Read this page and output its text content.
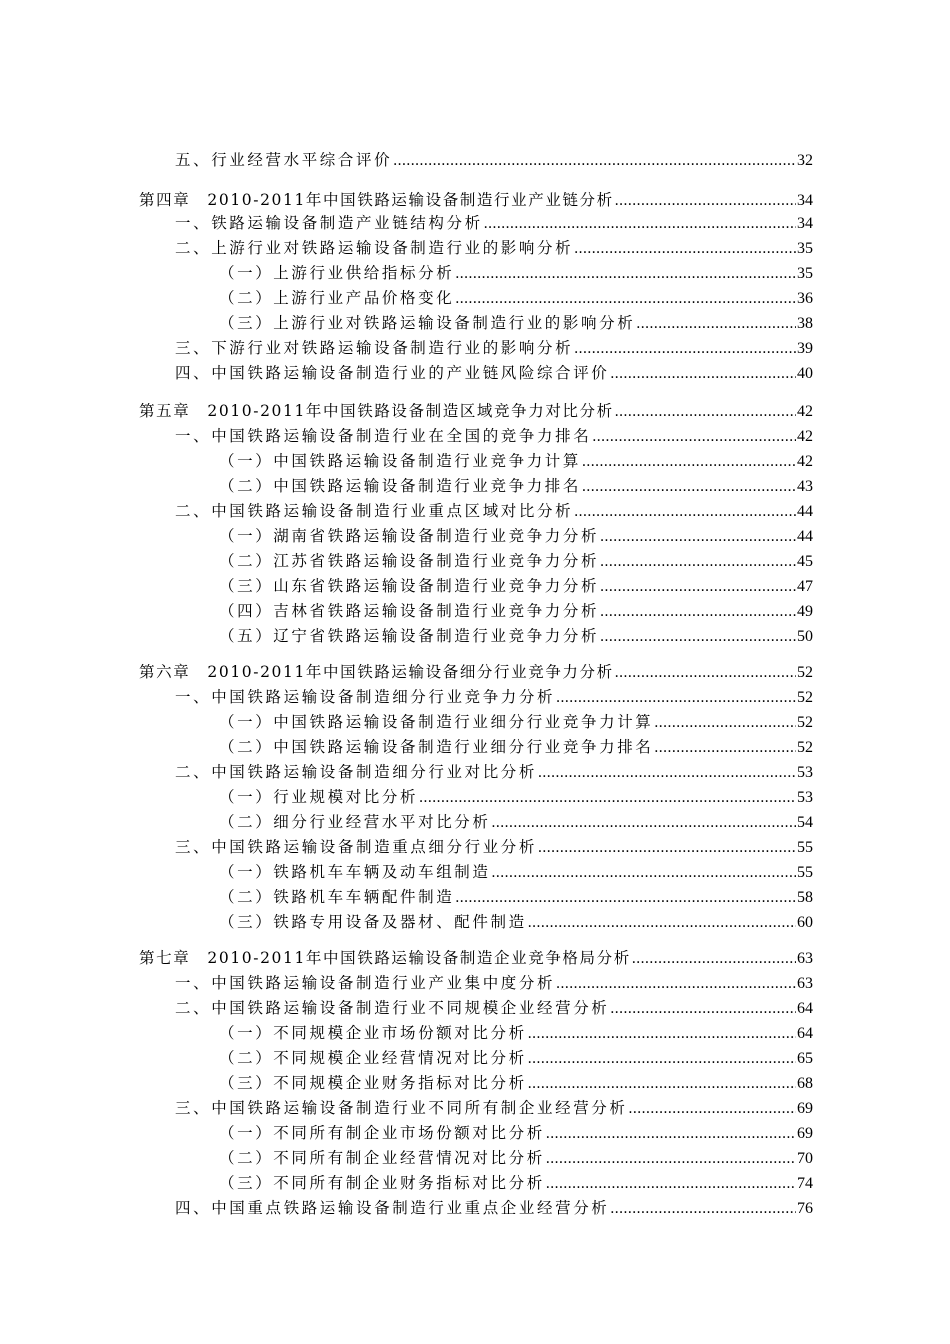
五、行业经营水平综合评价 .....	32
第四章　2010-2011年中国铁路运输设备制造行业产业链分析 .....	34
一、铁路运输设备制造产业链结构分析 .....	34
二、上游行业对铁路运输设备制造行业的影响分析 .....	35
（一）上游行业供给指标分析 .....	35
（二）上游行业产品价格变化 .....	36
（三）上游行业对铁路运输设备制造行业的影响分析 .....	38
三、下游行业对铁路运输设备制造行业的影响分析 .....	39
四、中国铁路运输设备制造行业的产业链风险综合评价 .....	40
第五章　2010-2011年中国铁路设备制造区域竞争力对比分析 .....	42
一、中国铁路运输设备制造行业在全国的竞争力排名 .....	42
（一）中国铁路运输设备制造行业竞争力计算 .....	42
（二）中国铁路运输设备制造行业竞争力排名 .....	43
二、中国铁路运输设备制造行业重点区域对比分析 .....	44
（一）湖南省铁路运输设备制造行业竞争力分析 .....	44
（二）江苏省铁路运输设备制造行业竞争力分析 .....	45
（三）山东省铁路运输设备制造行业竞争力分析 .....	47
（四）吉林省铁路运输设备制造行业竞争力分析 .....	49
（五）辽宁省铁路运输设备制造行业竞争力分析 .....	50
第六章　2010-2011年中国铁路运输设备细分行业竞争力分析 .....	52
一、中国铁路运输设备制造细分行业竞争力分析 .....	52
（一）中国铁路运输设备制造行业细分行业竞争力计算 .....	52
（二）中国铁路运输设备制造行业细分行业竞争力排名 .....	52
二、中国铁路运输设备制造细分行业对比分析 .....	53
（一）行业规模对比分析 .....	53
（二）细分行业经营水平对比分析 .....	54
三、中国铁路运输设备制造重点细分行业分析 .....	55
（一）铁路机车车辆及动车组制造 .....	55
（二）铁路机车车辆配件制造 .....	58
（三）铁路专用设备及器材、配件制造 .....	60
第七章　2010-2011年中国铁路运输设备制造企业竞争格局分析 .....	63
一、中国铁路运输设备制造行业产业集中度分析 .....	63
二、中国铁路运输设备制造行业不同规模企业经营分析 .....	64
（一）不同规模企业市场份额对比分析 .....	64
（二）不同规模企业经营情况对比分析 .....	65
（三）不同规模企业财务指标对比分析 .....	68
三、中国铁路运输设备制造行业不同所有制企业经营分析 .....	69
（一）不同所有制企业市场份额对比分析 .....	69
（二）不同所有制企业经营情况对比分析 .....	70
（三）不同所有制企业财务指标对比分析 .....	74
四、中国重点铁路运输设备制造行业重点企业经营分析 .....	76
